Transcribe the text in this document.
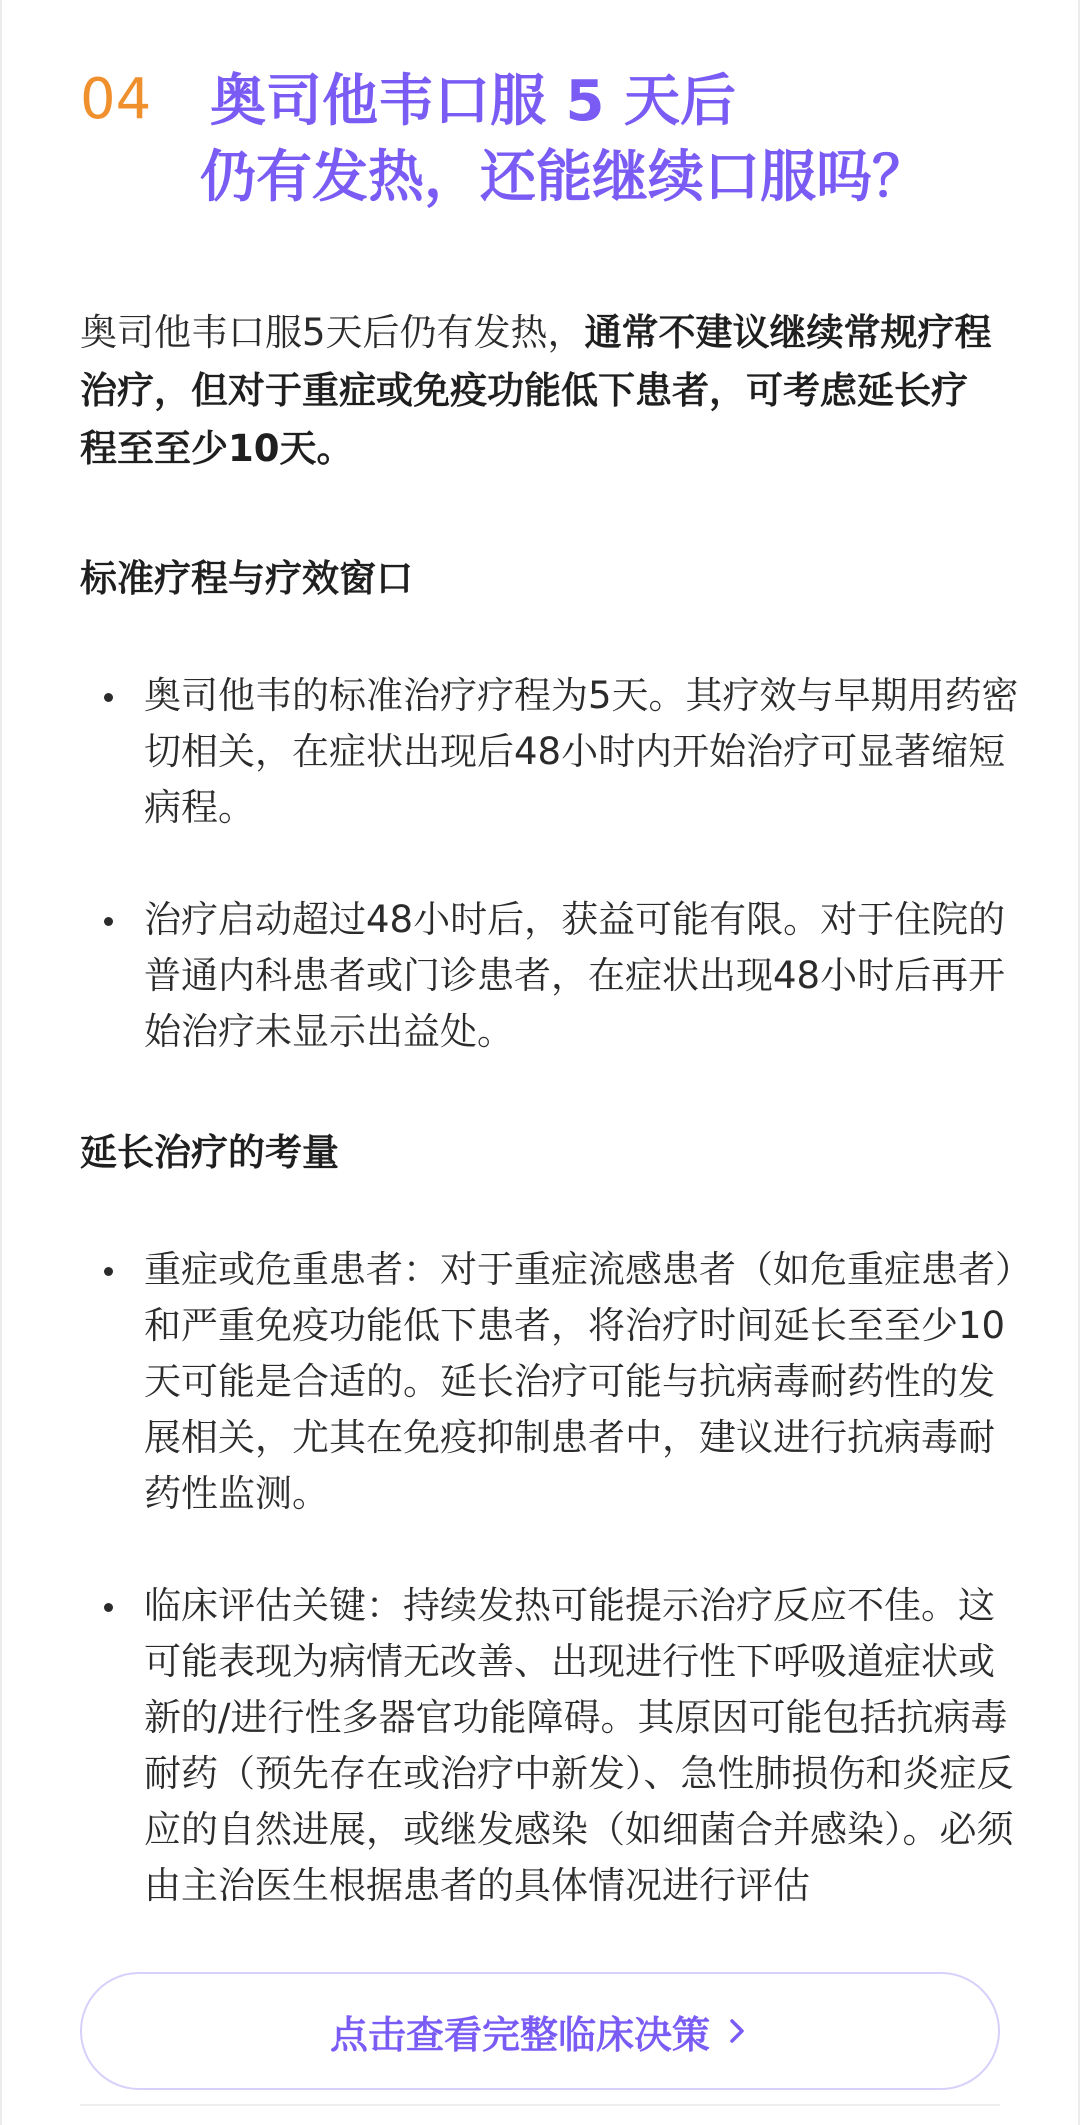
04 奥司他韦口服 5 天后
仍有发热，还能继续口服吗？

奥司他韦口服5天后仍有发热，通常不建议继续常规疗程治疗，但对于重症或免疫功能低下患者，可考虑延长疗程至至少10天。

标准疗程与疗效窗口
奥司他韦的标准治疗疗程为5天。其疗效与早期用药密切相关，在症状出现后48小时内开始治疗可显著缩短病程。
治疗启动超过48小时后，获益可能有限。对于住院的普通内科患者或门诊患者，在症状出现48小时后再开始治疗未显示出益处。
延长治疗的考量
重症或危重患者：对于重症流感患者（如危重症患者）和严重免疫功能低下患者，将治疗时间延长至至少10天可能是合适的。延长治疗可能与抗病毒耐药性的发展相关，尤其在免疫抑制患者中，建议进行抗病毒耐药性监测。
临床评估关键：持续发热可能提示治疗反应不佳。这可能表现为病情无改善、出现进行性下呼吸道症状或新的/进行性多器官功能障碍。其原因可能包括抗病毒耐药（预先存在或治疗中新发）、急性肺损伤和炎症反应的自然进展，或继发感染（如细菌合并感染）。必须由主治医生根据患者的具体情况进行评估
点击查看完整临床决策
